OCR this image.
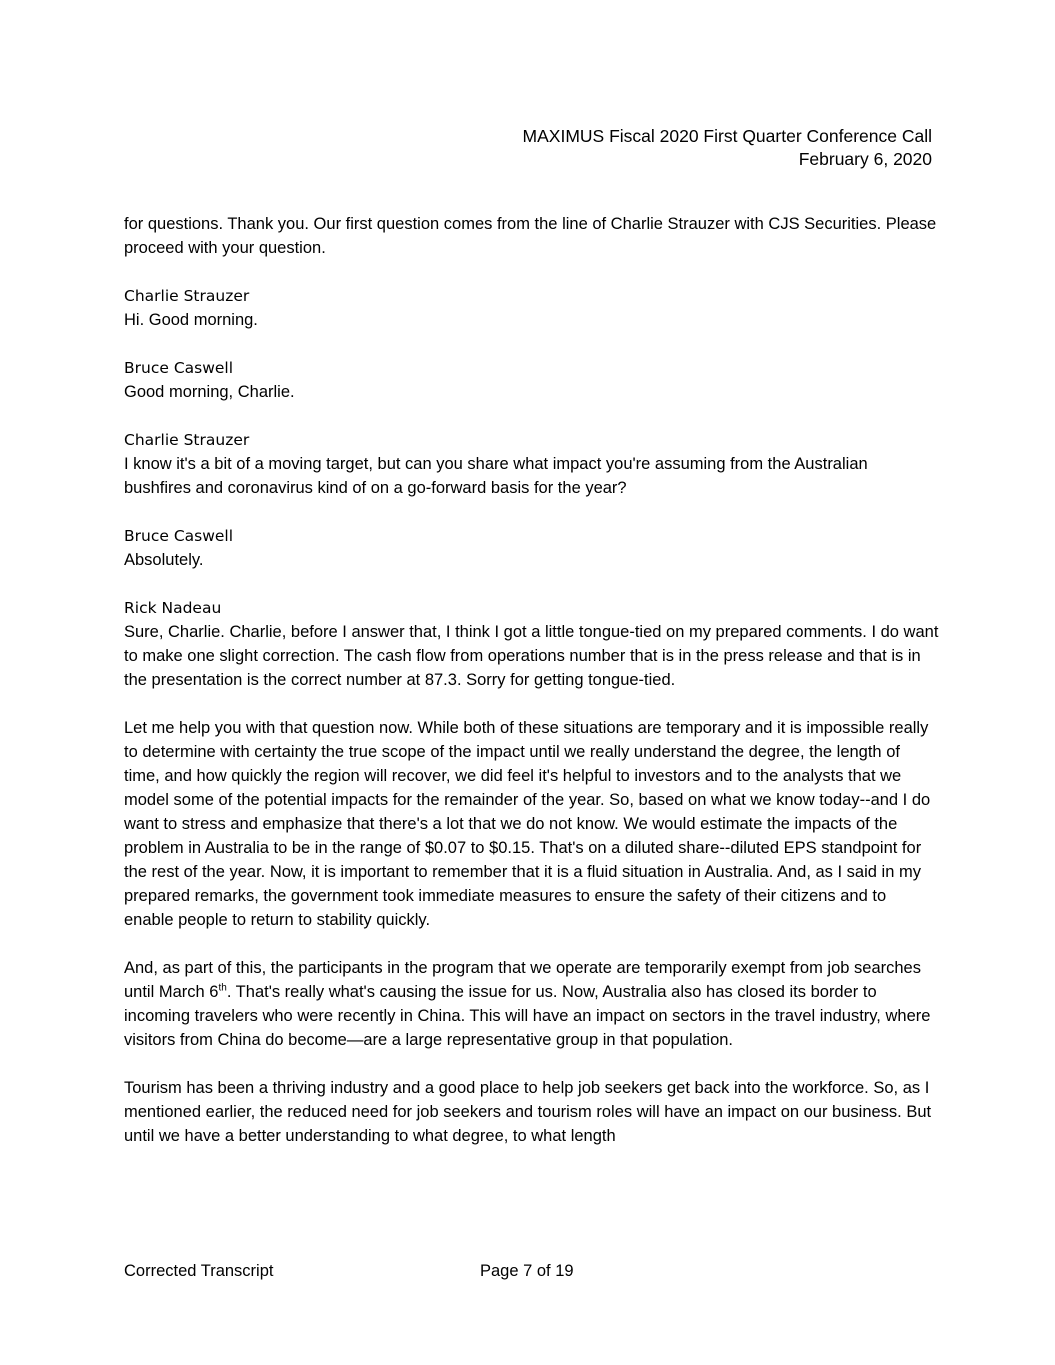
MAXIMUS Fiscal 2020 First Quarter Conference Call
February 6, 2020

for questions. Thank you. Our first question comes from the line of Charlie Strauzer with CJS Securities. Please proceed with your question.

Charlie Strauzer

Hi. Good morning.

Bruce Caswell

Good morning, Charlie.

Charlie Strauzer

I know it's a bit of a moving target, but can you share what impact you're assuming from the Australian bushfires and coronavirus kind of on a go-forward basis for the year?

Bruce Caswell

Absolutely.

Rick Nadeau

Sure, Charlie. Charlie, before I answer that, I think I got a little tongue-tied on my prepared comments. I do want to make one slight correction. The cash flow from operations number that is in the press release and that is in the presentation is the correct number at 87.3. Sorry for getting tongue-tied.

Let me help you with that question now. While both of these situations are temporary and it is impossible really to determine with certainty the true scope of the impact until we really understand the degree, the length of time, and how quickly the region will recover, we did feel it's helpful to investors and to the analysts that we model some of the potential impacts for the remainder of the year. So, based on what we know today--and I do want to stress and emphasize that there's a lot that we do not know. We would estimate the impacts of the problem in Australia to be in the range of $0.07 to $0.15. That's on a diluted share--diluted EPS standpoint for the rest of the year. Now, it is important to remember that it is a fluid situation in Australia. And, as I said in my prepared remarks, the government took immediate measures to ensure the safety of their citizens and to enable people to return to stability quickly.

And, as part of this, the participants in the program that we operate are temporarily exempt from job searches until March 6th. That's really what's causing the issue for us. Now, Australia also has closed its border to incoming travelers who were recently in China. This will have an impact on sectors in the travel industry, where visitors from China do become—are a large representative group in that population.

Tourism has been a thriving industry and a good place to help job seekers get back into the workforce. So, as I mentioned earlier, the reduced need for job seekers and tourism roles will have an impact on our business. But until we have a better understanding to what degree, to what length

Corrected Transcript	Page 7 of 19
